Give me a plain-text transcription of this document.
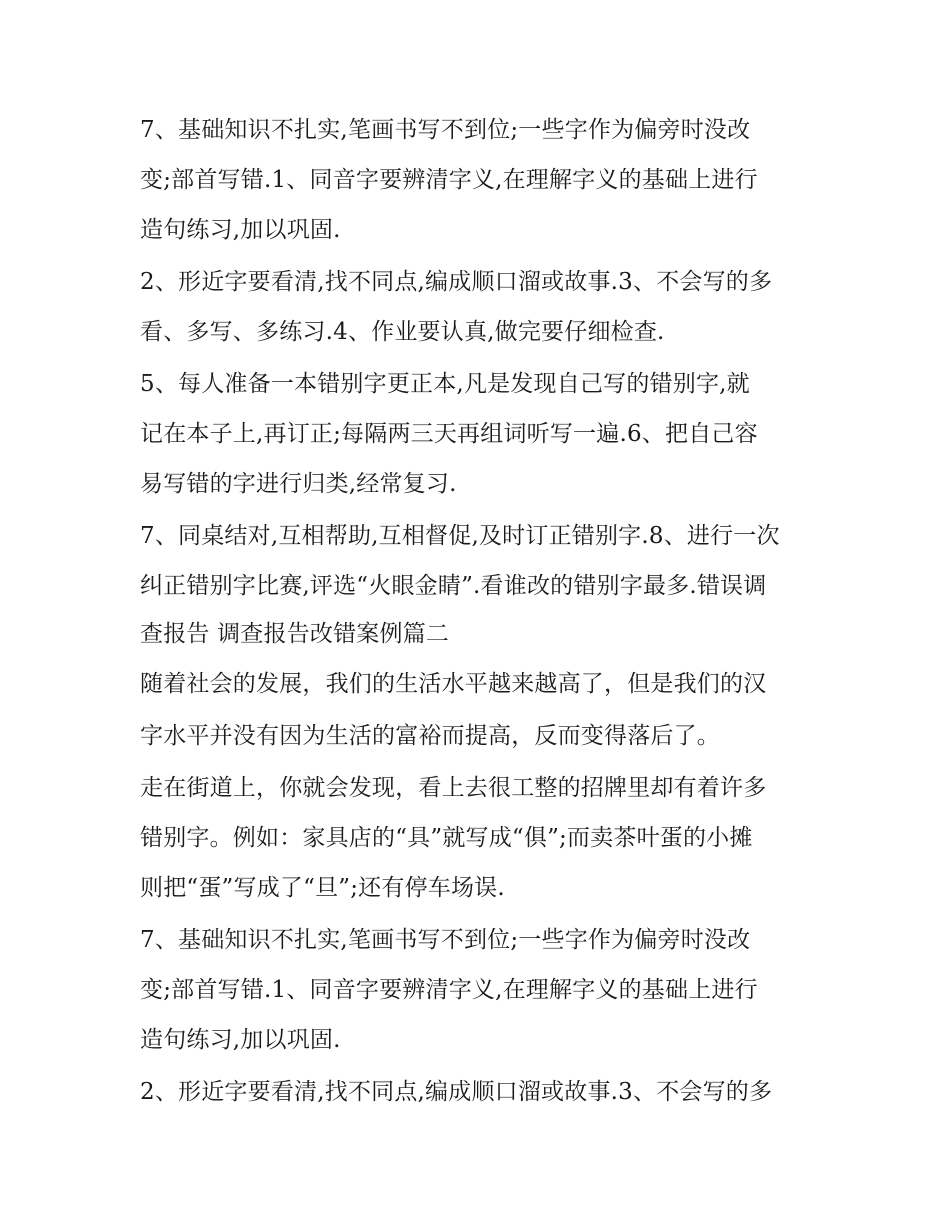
7、基础知识不扎实,笔画书写不到位;一些字作为偏旁时没改
变;部首写错.1、同音字要辨清字义,在理解字义的基础上进行
造句练习,加以巩固.
2、形近字要看清,找不同点,编成顺口溜或故事.3、不会写的多
看、多写、多练习.4、作业要认真,做完要仔细检查.
5、每人准备一本错别字更正本,凡是发现自己写的错别字,就
记在本子上,再订正;每隔两三天再组词听写一遍.6、把自己容
易写错的字进行归类,经常复习.
7、同桌结对,互相帮助,互相督促,及时订正错别字.8、进行一次
纠正错别字比赛,评选“火眼金睛”.看谁改的错别字最多.错误调
查报告 调查报告改错案例篇二
随着社会的发展，我们的生活水平越来越高了，但是我们的汉
字水平并没有因为生活的富裕而提高，反而变得落后了。
走在街道上，你就会发现，看上去很工整的招牌里却有着许多
错别字。例如：家具店的“具”就写成“俱”;而卖茶叶蛋的小摊
则把“蛋”写成了“旦”;还有停车场误.
7、基础知识不扎实,笔画书写不到位;一些字作为偏旁时没改
变;部首写错.1、同音字要辨清字义,在理解字义的基础上进行
造句练习,加以巩固.
2、形近字要看清,找不同点,编成顺口溜或故事.3、不会写的多
